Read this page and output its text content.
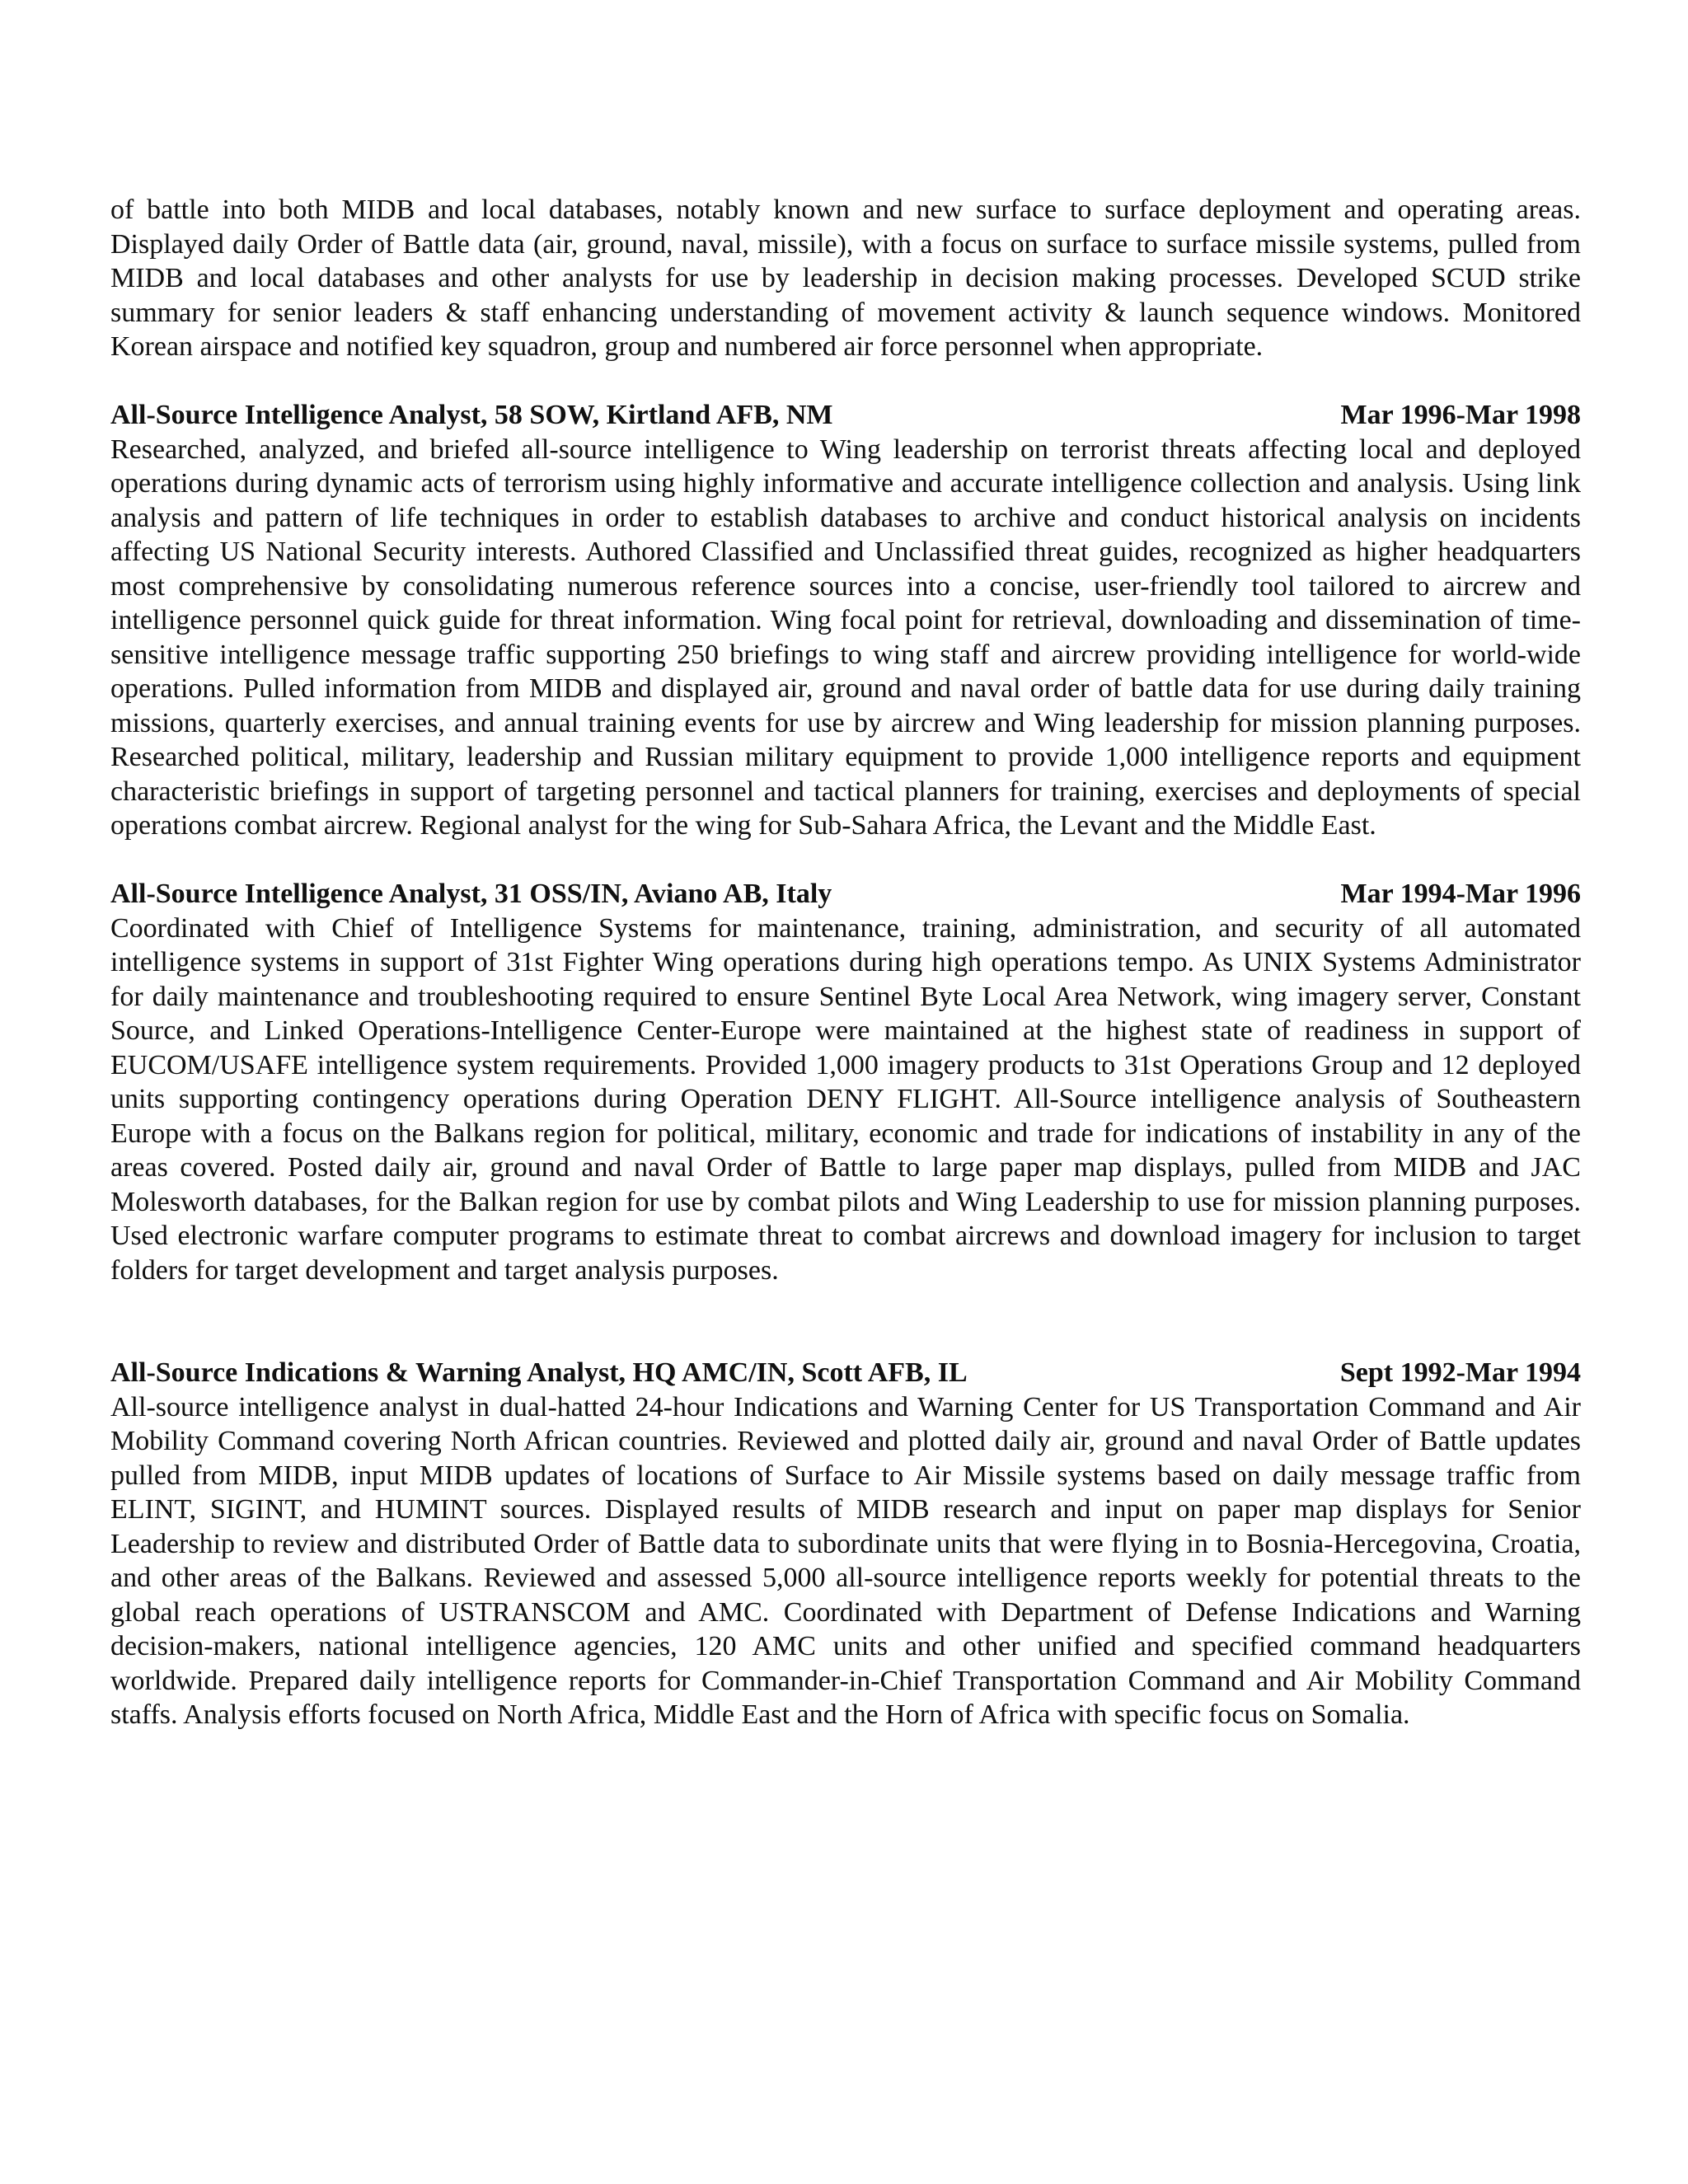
of battle into both MIDB and local databases, notably known and new surface to surface deployment and operating areas. Displayed daily Order of Battle data (air, ground, naval, missile), with a focus on surface to surface missile systems, pulled from MIDB and local databases and other analysts for use by leadership in decision making processes. Developed SCUD strike summary for senior leaders & staff enhancing understanding of movement activity & launch sequence windows. Monitored Korean airspace and notified key squadron, group and numbered air force personnel when appropriate.

All-Source Intelligence Analyst, 58 SOW, Kirtland AFB, NM	Mar 1996-Mar 1998

Researched, analyzed, and briefed all-source intelligence to Wing leadership on terrorist threats affecting local and deployed operations during dynamic acts of terrorism using highly informative and accurate intelligence collection and analysis. Using link analysis and pattern of life techniques in order to establish databases to archive and conduct historical analysis on incidents affecting US National Security interests. Authored Classified and Unclassified threat guides, recognized as higher headquarters most comprehensive by consolidating numerous reference sources into a concise, user-friendly tool tailored to aircrew and intelligence personnel quick guide for threat information. Wing focal point for retrieval, downloading and dissemination of time-sensitive intelligence message traffic supporting 250 briefings to wing staff and aircrew providing intelligence for world-wide operations. Pulled information from MIDB and displayed air, ground and naval order of battle data for use during daily training missions, quarterly exercises, and annual training events for use by aircrew and Wing leadership for mission planning purposes. Researched political, military, leadership and Russian military equipment to provide 1,000 intelligence reports and equipment characteristic briefings in support of targeting personnel and tactical planners for training, exercises and deployments of special operations combat aircrew. Regional analyst for the wing for Sub-Sahara Africa, the Levant and the Middle East.

All-Source Intelligence Analyst, 31 OSS/IN, Aviano AB, Italy	Mar 1994-Mar 1996

Coordinated with Chief of Intelligence Systems for maintenance, training, administration, and security of all automated intelligence systems in support of 31st Fighter Wing operations during high operations tempo. As UNIX Systems Administrator for daily maintenance and troubleshooting required to ensure Sentinel Byte Local Area Network, wing imagery server, Constant Source, and Linked Operations-Intelligence Center-Europe were maintained at the highest state of readiness in support of EUCOM/USAFE intelligence system requirements. Provided 1,000 imagery products to 31st Operations Group and 12 deployed units supporting contingency operations during Operation DENY FLIGHT. All-Source intelligence analysis of Southeastern Europe with a focus on the Balkans region for political, military, economic and trade for indications of instability in any of the areas covered. Posted daily air, ground and naval Order of Battle to large paper map displays, pulled from MIDB and JAC Molesworth databases, for the Balkan region for use by combat pilots and Wing Leadership to use for mission planning purposes. Used electronic warfare computer programs to estimate threat to combat aircrews and download imagery for inclusion to target folders for target development and target analysis purposes.

All-Source Indications & Warning Analyst, HQ AMC/IN, Scott AFB, IL	Sept 1992-Mar 1994

All-source intelligence analyst in dual-hatted 24-hour Indications and Warning Center for US Transportation Command and Air Mobility Command covering North African countries. Reviewed and plotted daily air, ground and naval Order of Battle updates pulled from MIDB, input MIDB updates of locations of Surface to Air Missile systems based on daily message traffic from ELINT, SIGINT, and HUMINT sources. Displayed results of MIDB research and input on paper map displays for Senior Leadership to review and distributed Order of Battle data to subordinate units that were flying in to Bosnia-Hercegovina, Croatia, and other areas of the Balkans. Reviewed and assessed 5,000 all-source intelligence reports weekly for potential threats to the global reach operations of USTRANSCOM and AMC. Coordinated with Department of Defense Indications and Warning decision-makers, national intelligence agencies, 120 AMC units and other unified and specified command headquarters worldwide. Prepared daily intelligence reports for Commander-in-Chief Transportation Command and Air Mobility Command staffs. Analysis efforts focused on North Africa, Middle East and the Horn of Africa with specific focus on Somalia.
